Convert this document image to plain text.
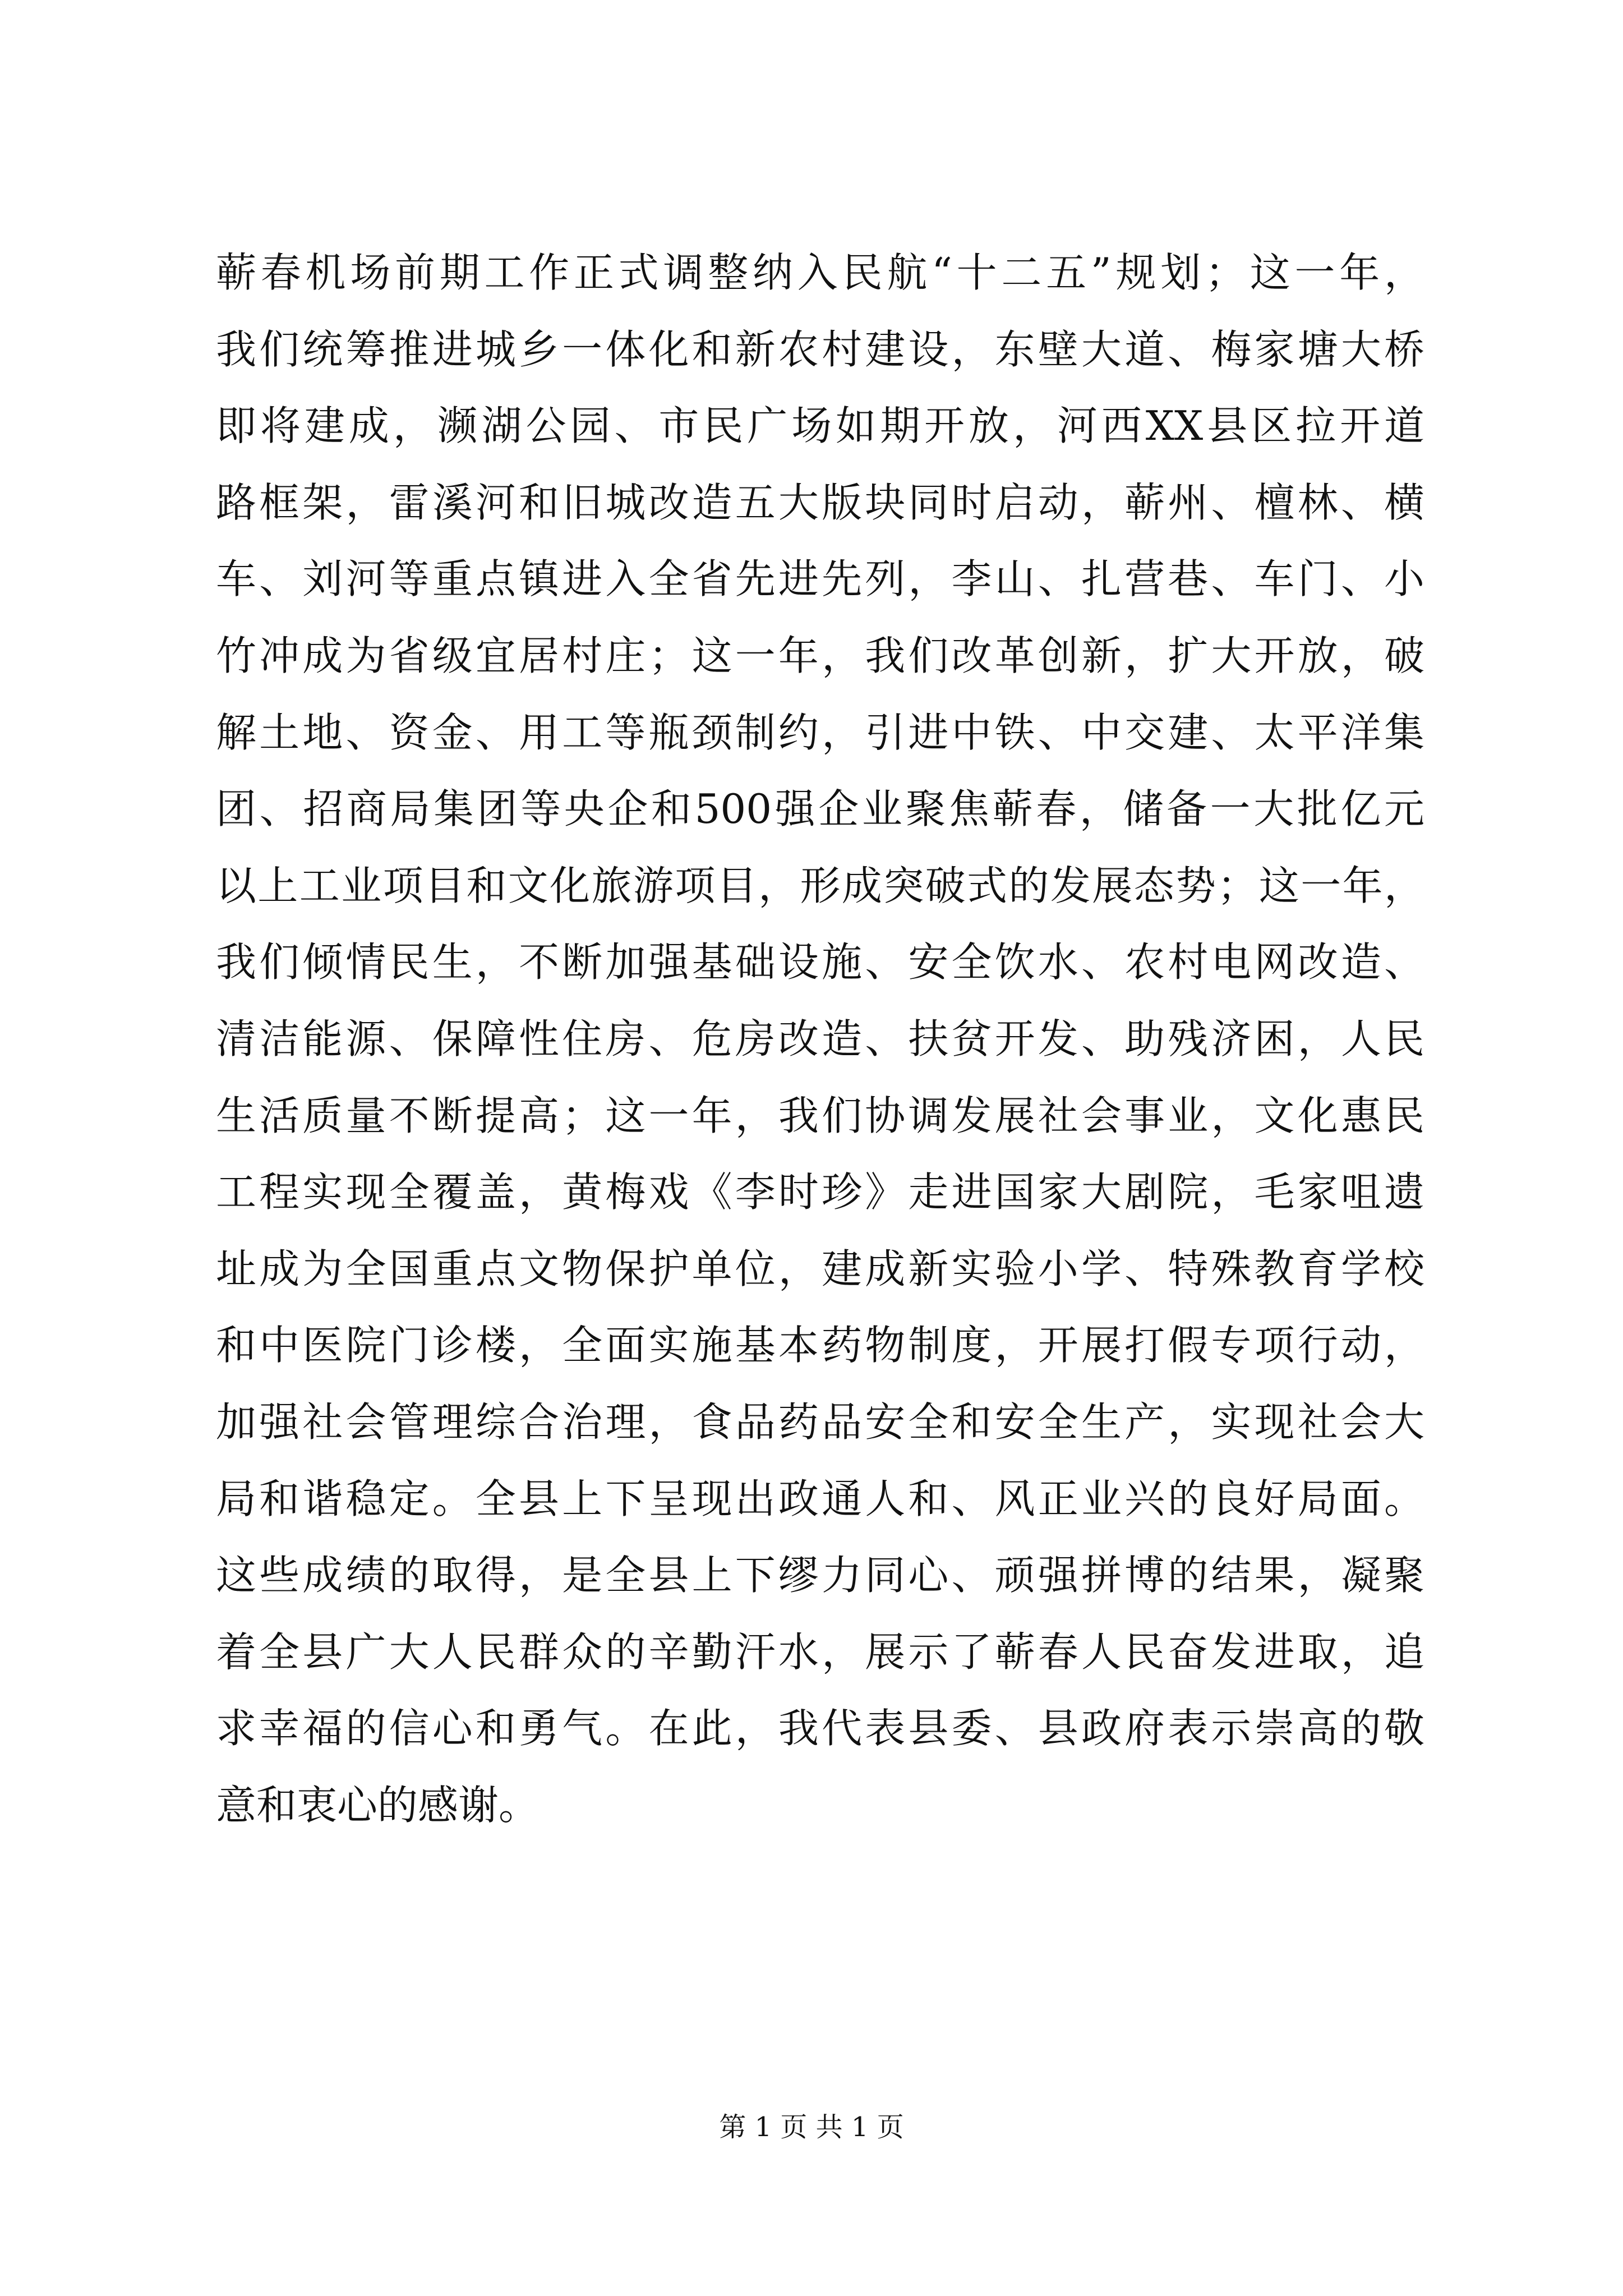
蕲春机场前期工作正式调整纳入民航“十二五”规划；这一年，
我们统筹推进城乡一体化和新农村建设，东壁大道、梅家塘大桥
即将建成，濒湖公园、市民广场如期开放，河西XX县区拉开道
路框架，雷溪河和旧城改造五大版块同时启动，蕲州、檀林、横
车、刘河等重点镇进入全省先进先列，李山、扎营巷、车门、小
竹冲成为省级宜居村庄；这一年，我们改革创新，扩大开放，破
解土地、资金、用工等瓶颈制约，引进中铁、中交建、太平洋集
团、招商局集团等央企和500强企业聚焦蕲春，储备一大批亿元
以上工业项目和文化旅游项目，形成突破式的发展态势；这一年，
我们倾情民生，不断加强基础设施、安全饮水、农村电网改造、
清洁能源、保障性住房、危房改造、扶贫开发、助残济困，人民
生活质量不断提高；这一年，我们协调发展社会事业，文化惠民
工程实现全覆盖，黄梅戏《李时珍》走进国家大剧院，毛家咀遗
址成为全国重点文物保护单位，建成新实验小学、特殊教育学校
和中医院门诊楼，全面实施基本药物制度，开展打假专项行动，
加强社会管理综合治理，食品药品安全和安全生产，实现社会大
局和谐稳定。全县上下呈现出政通人和、风正业兴的良好局面。
这些成绩的取得，是全县上下缪力同心、顽强拼博的结果，凝聚
着全县广大人民群众的辛勤汗水，展示了蕲春人民奋发进取，追
求幸福的信心和勇气。在此，我代表县委、县政府表示崇高的敬
意和衷心的感谢。
第 1 页 共 1 页
